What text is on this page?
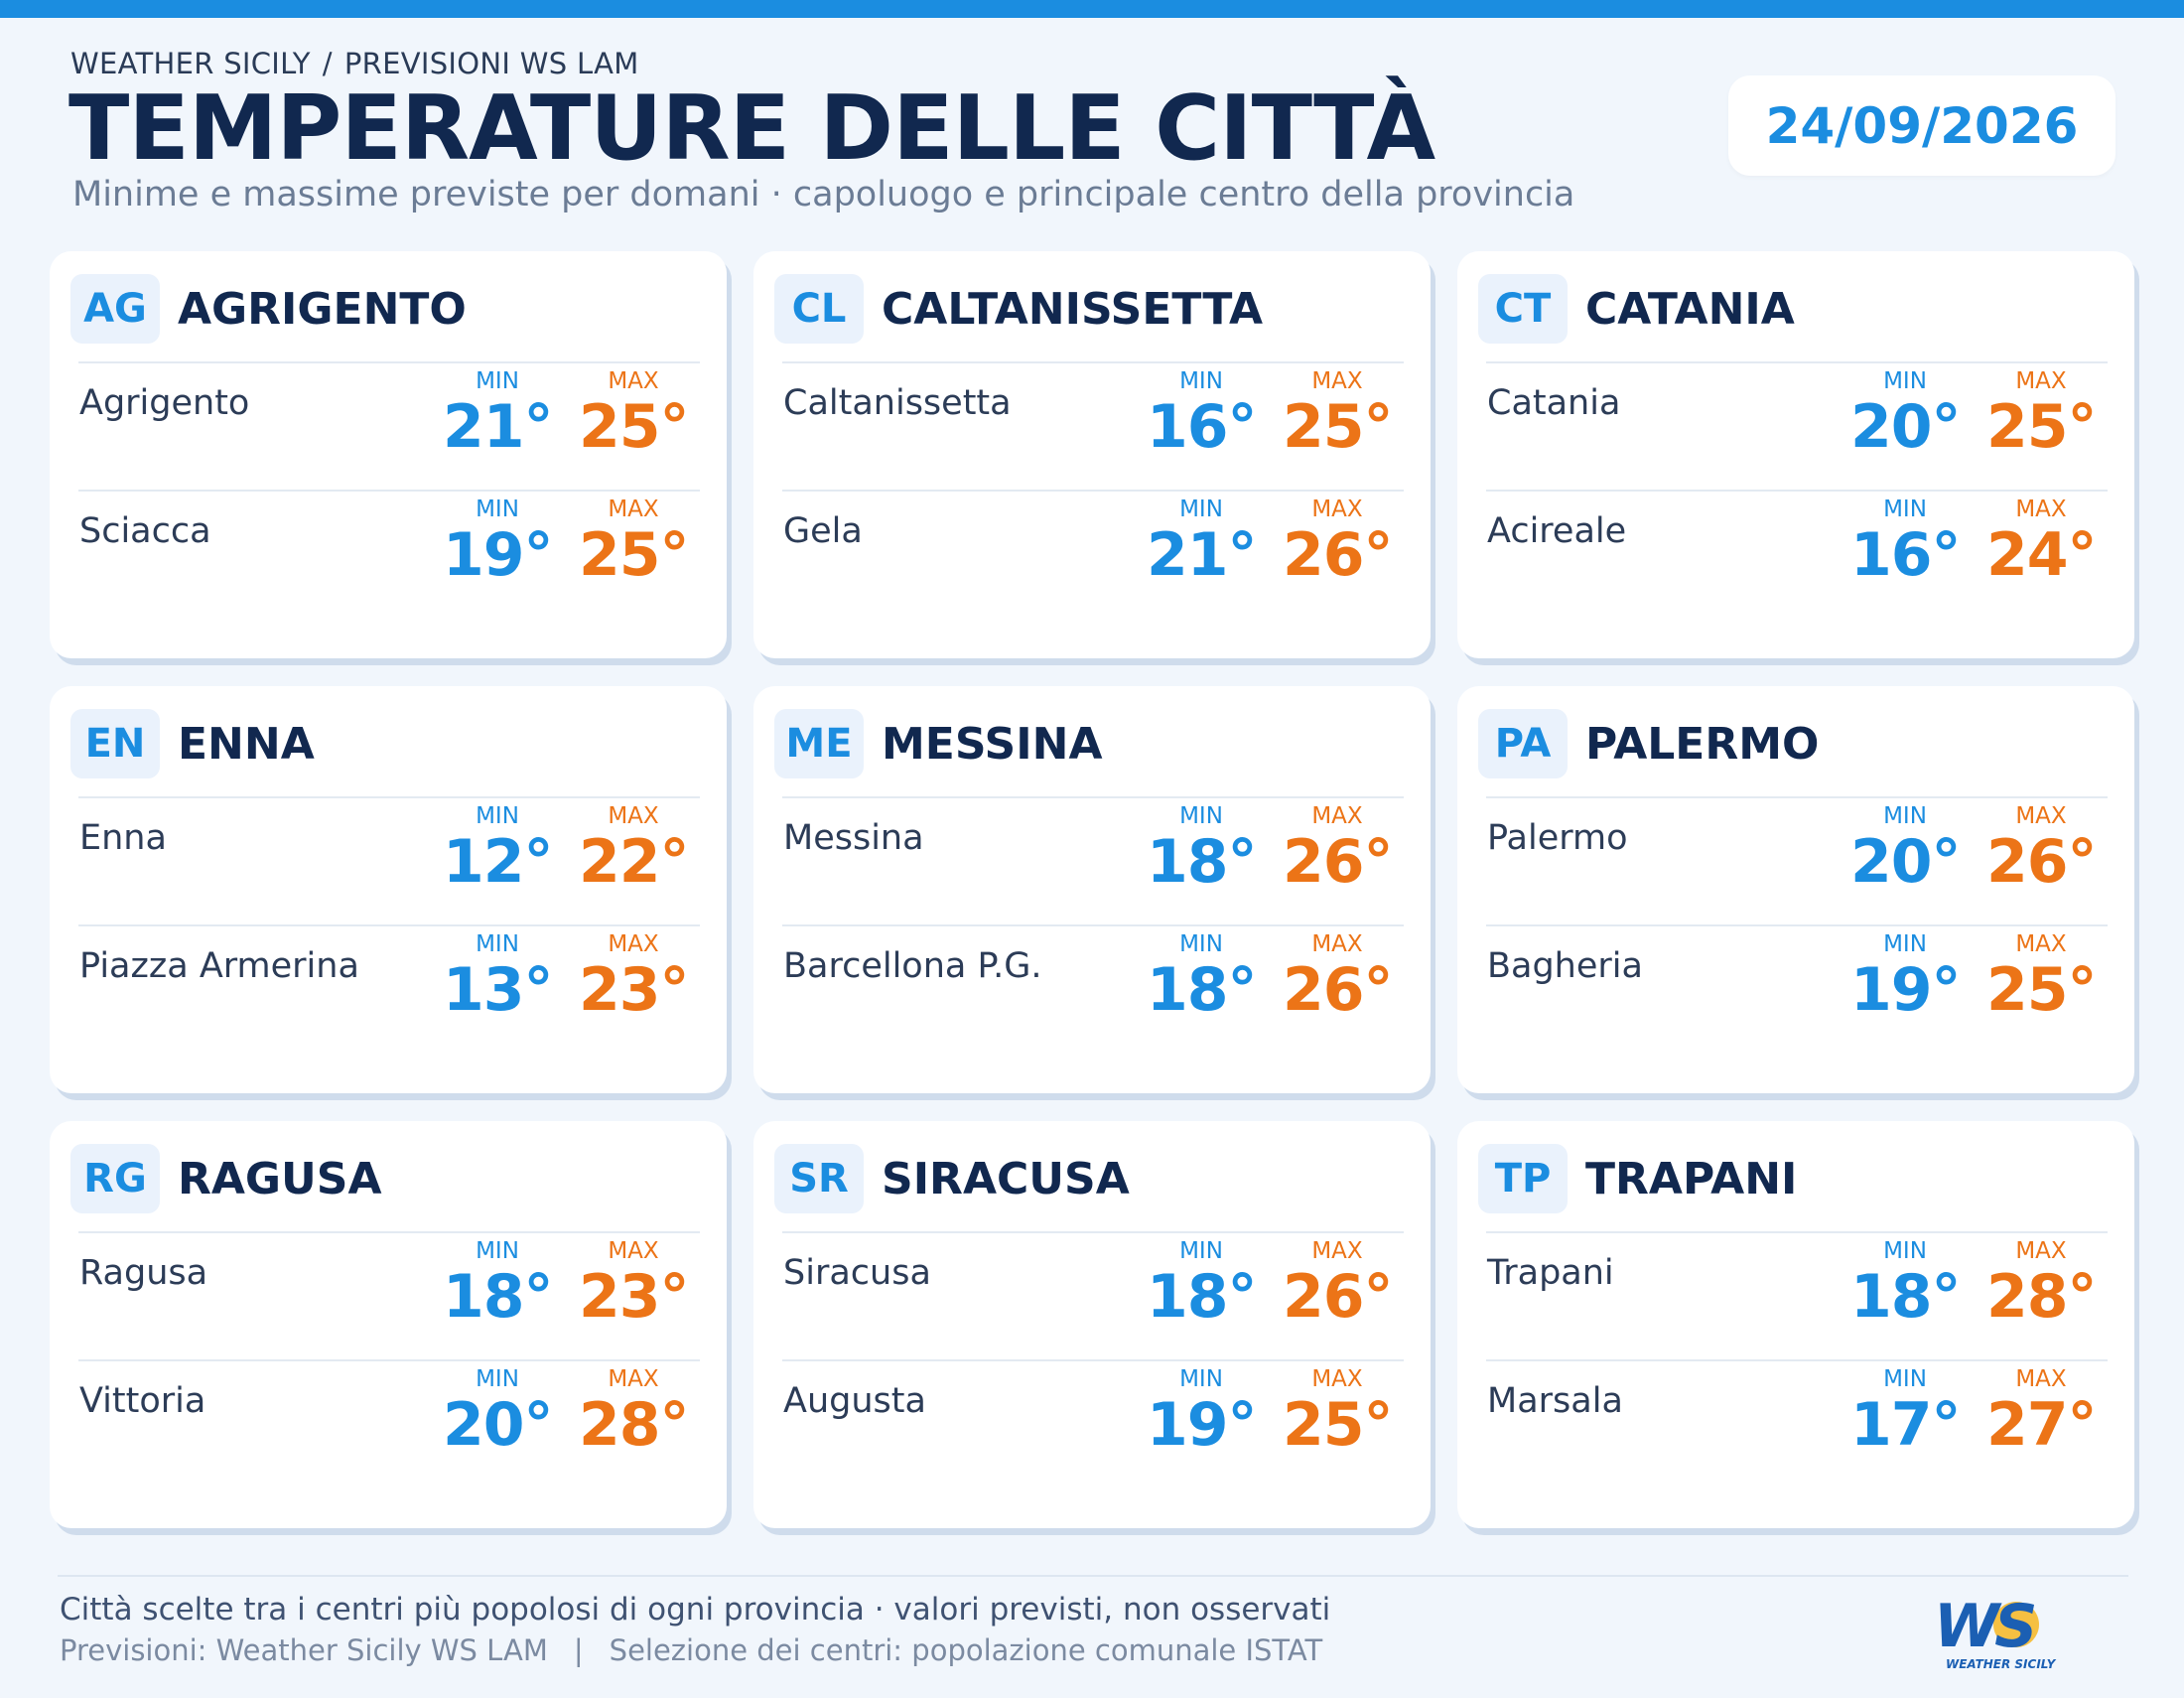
WEATHER SICILY / PREVISIONI WS LAM
TEMPERATURE DELLE CITTÀ
Minime e massime previste per domani · capoluogo e principale centro della provincia
24/09/2026
AG AGRIGENTO
Agrigento
MIN
21°
MAX
25°
Sciacca
MIN
19°
MAX
25°
CL CALTANISSETTA
Caltanissetta
MIN
16°
MAX
25°
Gela
MIN
21°
MAX
26°
CT CATANIA
Catania
MIN
20°
MAX
25°
Acireale
MIN
16°
MAX
24°
EN ENNA
Enna
MIN
12°
MAX
22°
Piazza Armerina
MIN
13°
MAX
23°
ME MESSINA
Messina
MIN
18°
MAX
26°
Barcellona P.G.
MIN
18°
MAX
26°
PA PALERMO
Palermo
MIN
20°
MAX
26°
Bagheria
MIN
19°
MAX
25°
RG RAGUSA
Ragusa
MIN
18°
MAX
23°
Vittoria
MIN
20°
MAX
28°
SR SIRACUSA
Siracusa
MIN
18°
MAX
26°
Augusta
MIN
19°
MAX
25°
TP TRAPANI
Trapani
MIN
18°
MAX
28°
Marsala
MIN
17°
MAX
27°
Città scelte tra i centri più popolosi di ogni provincia · valori previsti, non osservati
Previsioni: Weather Sicily WS LAM | Selezione dei centri: popolazione comunale ISTAT	WS
WEATHER SICILY
